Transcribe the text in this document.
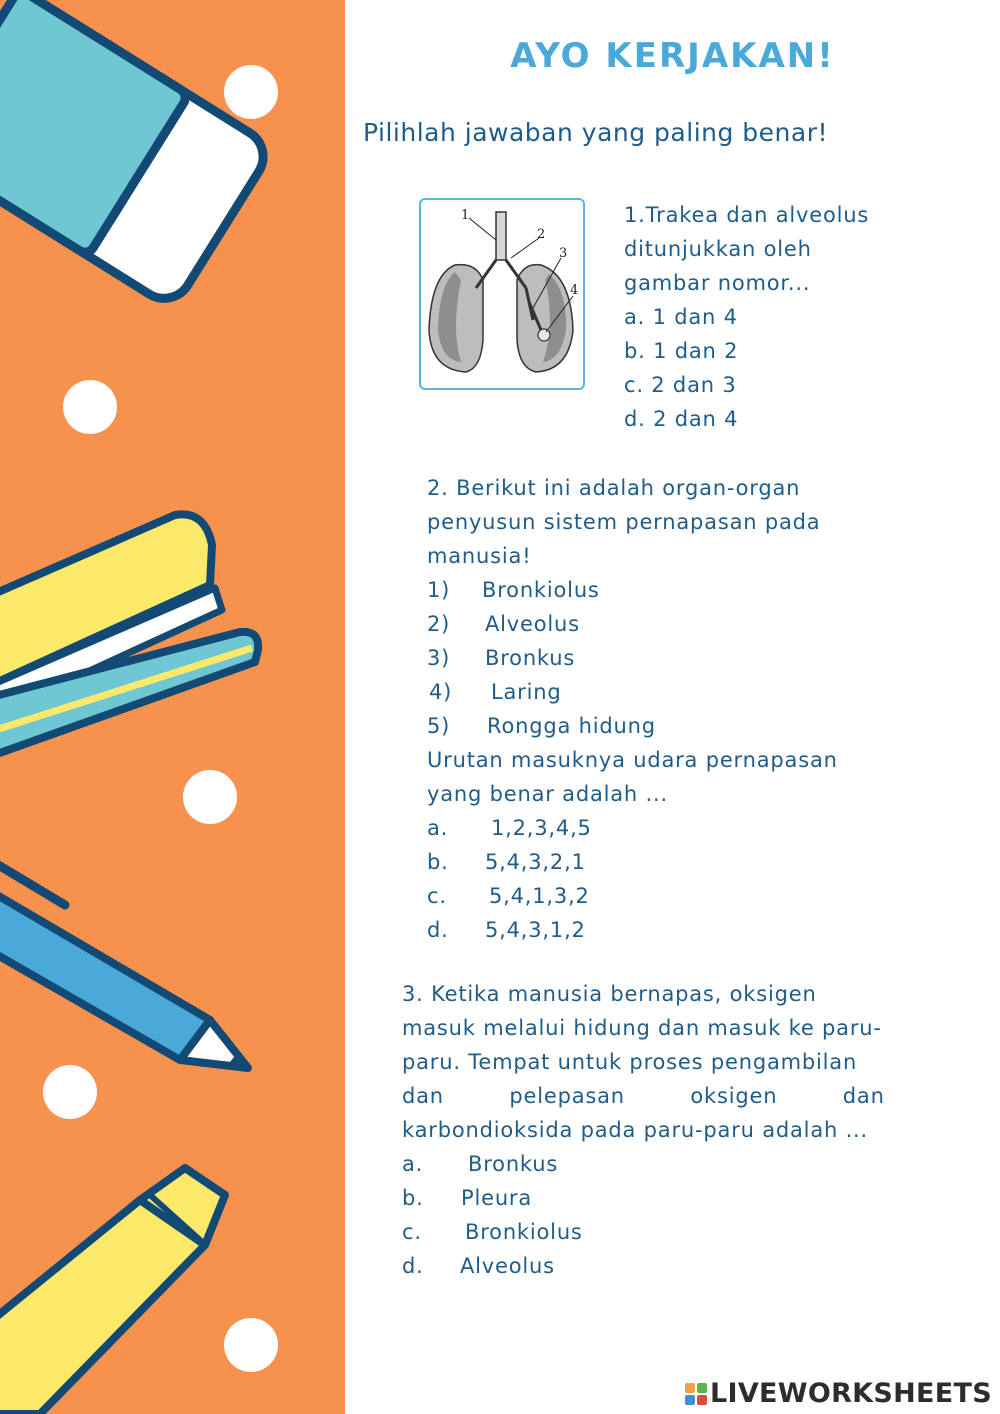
AYO KERJAKAN!
Pilihlah jawaban yang paling benar!
1
2
3
4
1.Trakea dan alveolus
ditunjukkan oleh
gambar nomor...
a. 1 dan 4
b. 1 dan 2
c. 2 dan 3
d. 2 dan 4
2. Berikut ini adalah organ-organ
penyusun sistem pernapasan pada
manusia!
1)	Bronkiolus
2)	Alveolus
3)	Bronkus
4)	Laring
5)	Rongga hidung
Urutan masuknya udara pernapasan
yang benar adalah ...
a.	1,2,3,4,5
b.	5,4,3,2,1
c.	5,4,1,3,2
d.	5,4,3,1,2
3. Ketika manusia bernapas, oksigen
masuk melalui hidung dan masuk ke paru-
paru. Tempat untuk proses pengambilan
dan pelepasan oksigen dan
karbondioksida pada paru-paru adalah ...
a.	Bronkus
b.	Pleura
c.	Bronkiolus
d.	Alveolus
LIVEWORKSHEETS
